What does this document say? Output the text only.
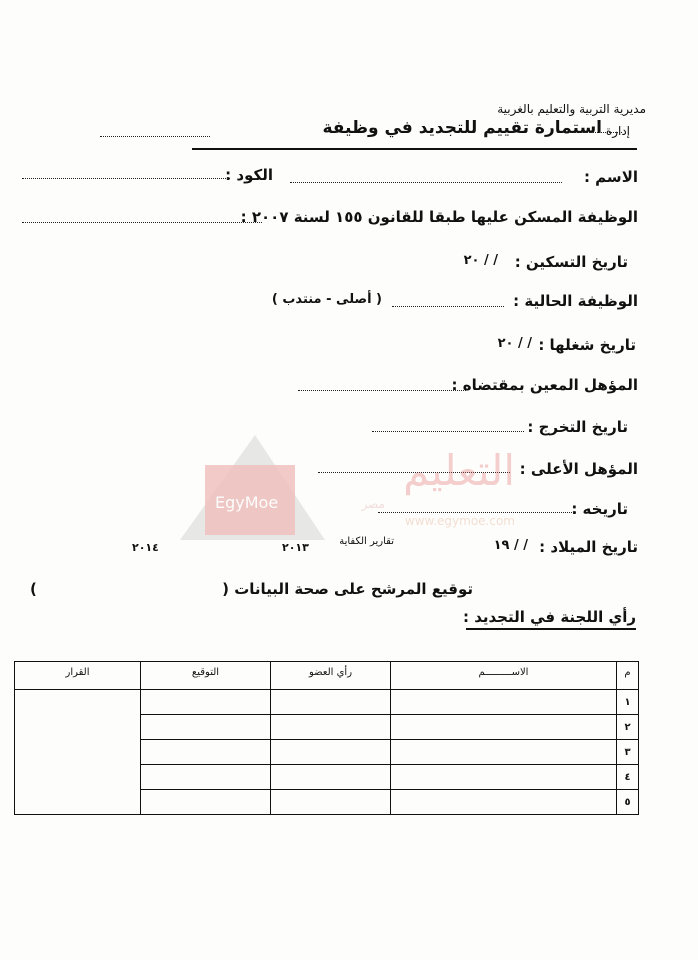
مديرية التربية والتعليم بالغربية
إدارة
استمارة تقييم للتجديد في وظيفة
الاسم :
الكود :
الوظيفة المسكن عليها طبقا للقانون ١٥٥ لسنة ٢٠٠٧ :
تاريخ التسكين :
/ / ٢٠
الوظيفة الحالية :
( أصلى - منتدب )
تاريخ شغلها :
/ / ٢٠
المؤهل المعين بمقتضاه :
تاريخ التخرج :
المؤهل الأعلى :
تاريخه :
تاريخ الميلاد :
/ / ١٩
تقارير الكفاية
٢٠١٣
٢٠١٤
توقيع المرشح على صحة البيانات (
)
رأي اللجنة في التجديد :
EgyMoe
التعليم
www.egymoe.com
مصر
م	الاســـــــــم	رأي العضو	التوقيع	القرار
١				
٢				
٣				
٤				
٥				
